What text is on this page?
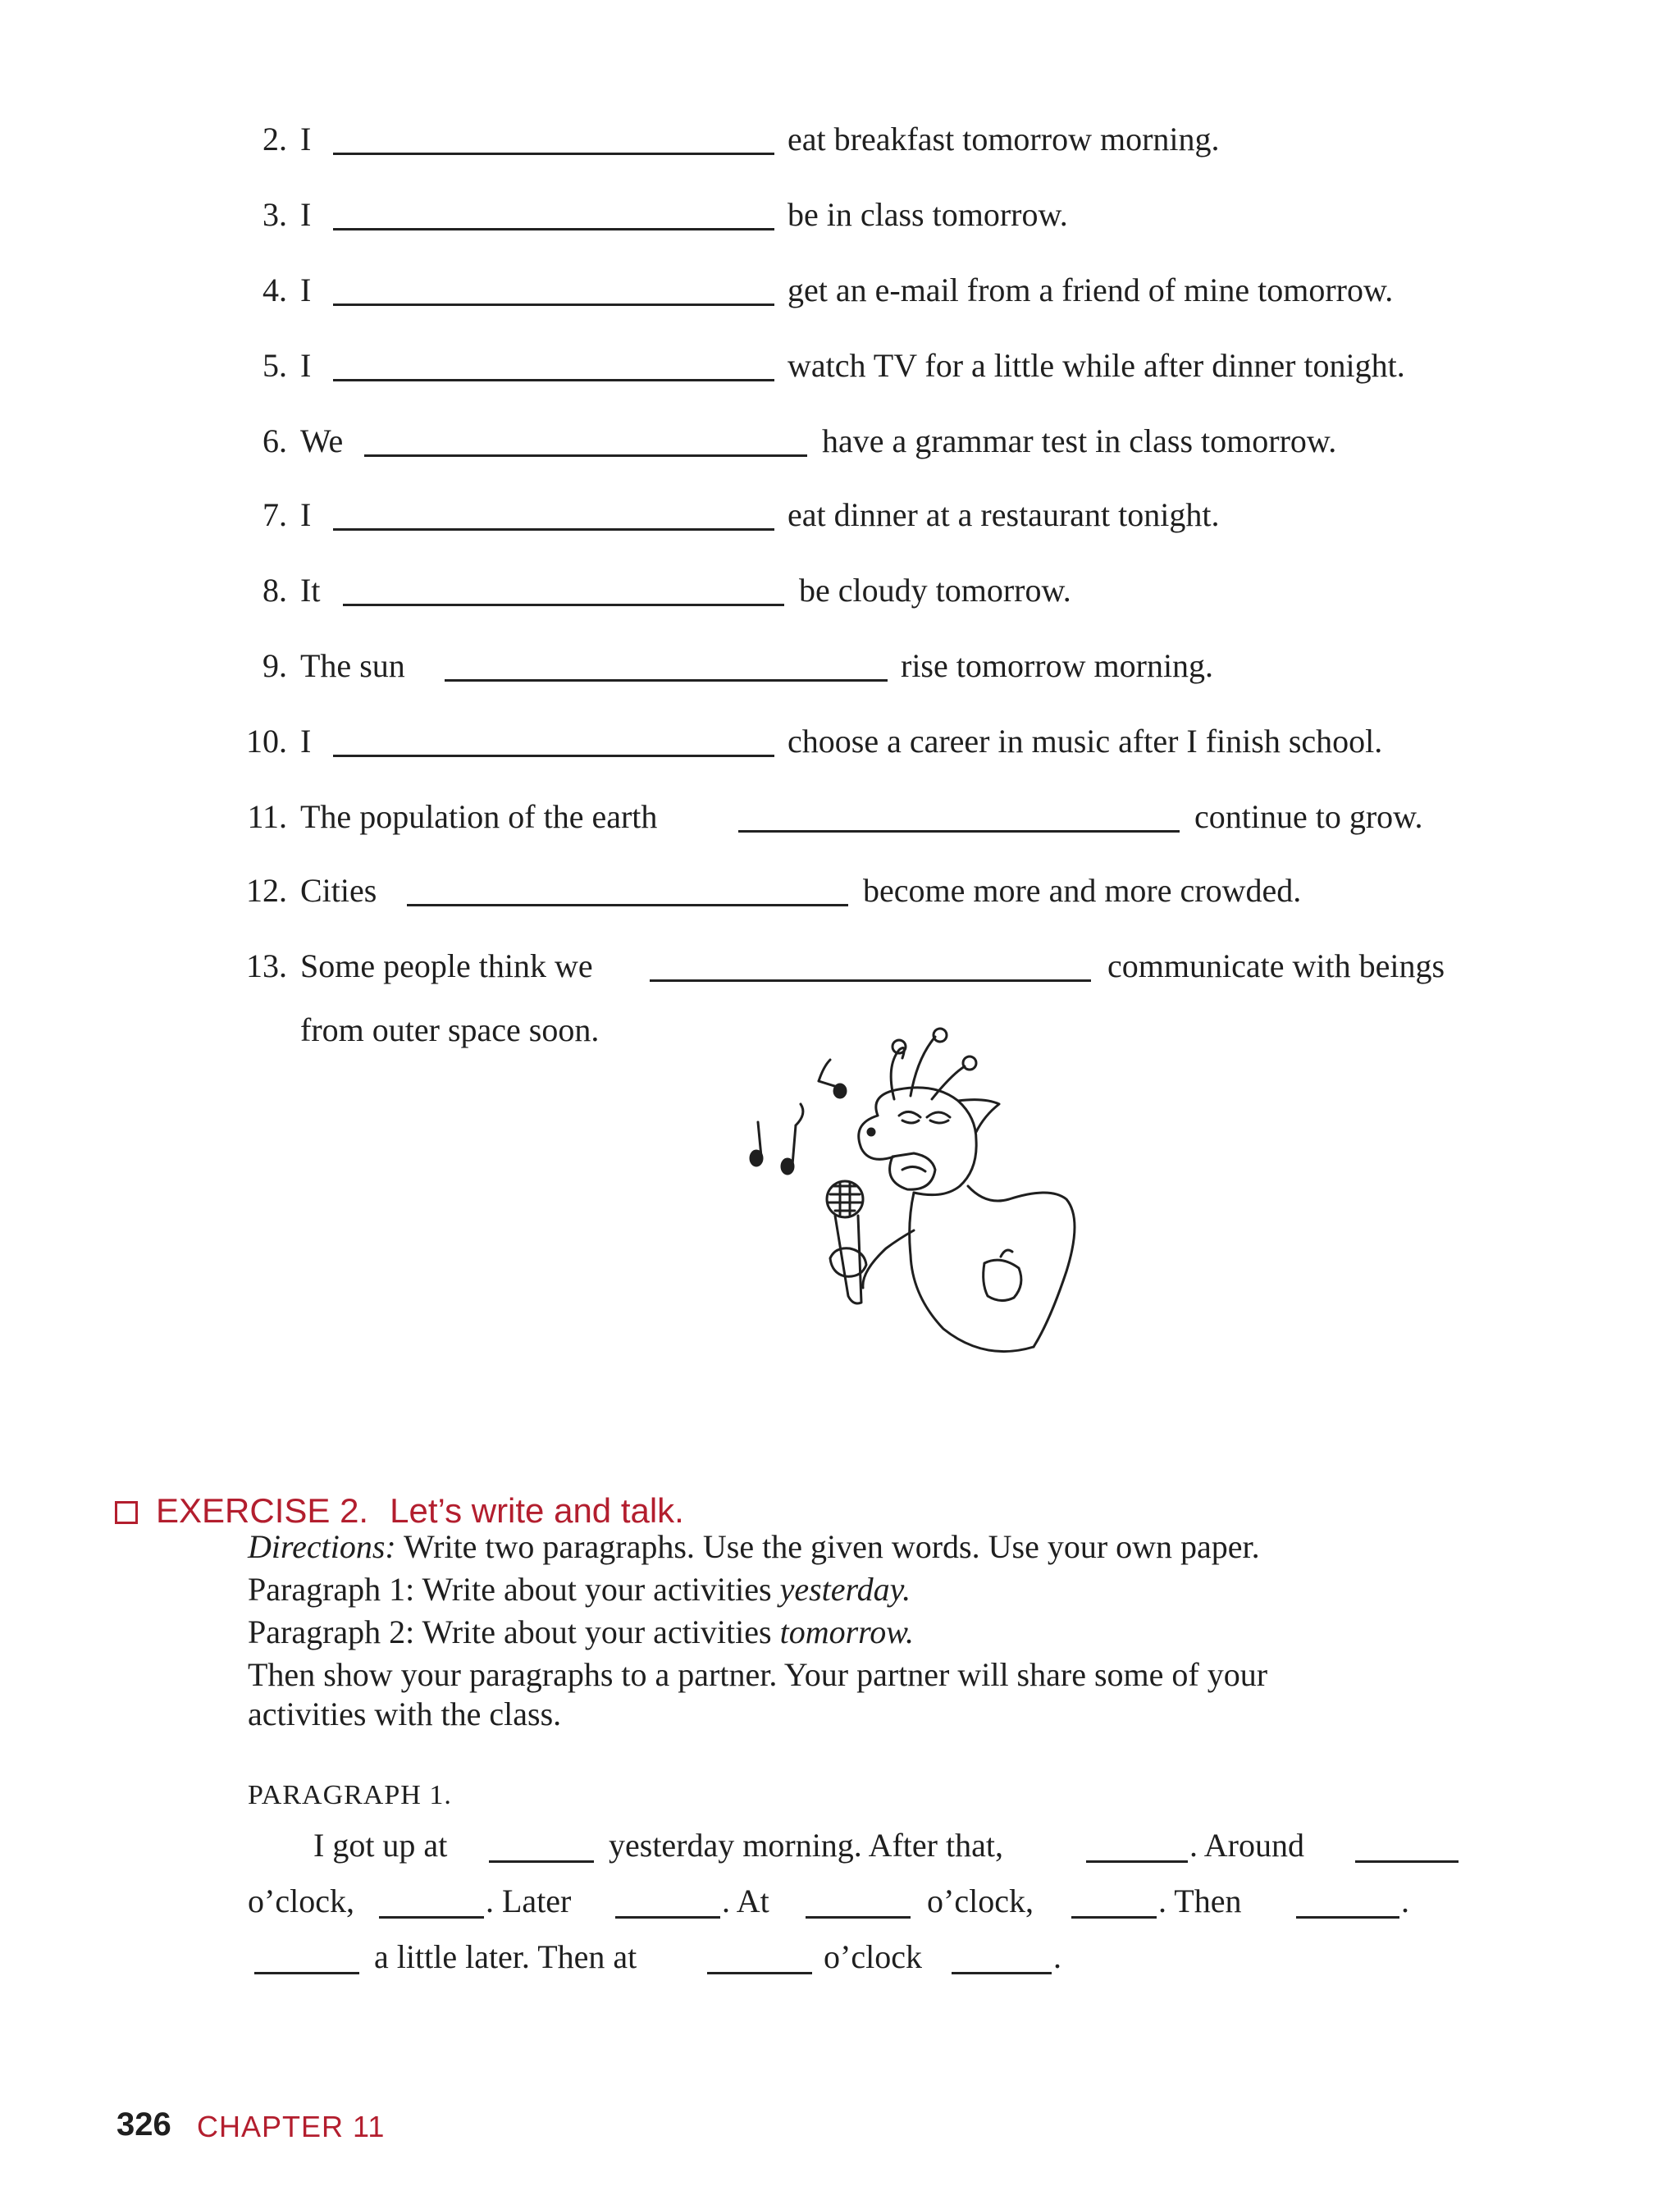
2. I	eat breakfast tomorrow morning.
3. I	be in class tomorrow.
4. I	get an e-mail from a friend of mine tomorrow.
5. I	watch TV for a little while after dinner tonight.
6. We	have a grammar test in class tomorrow.
7. I	eat dinner at a restaurant tonight.
8. It	be cloudy tomorrow.
9. The sun	rise tomorrow morning.
10. I	choose a career in music after I finish school.
11. The population of the earth	continue to grow.
12. Cities	become more and more crowded.
13. Some people think we	communicate with beings
from outer space soon.
EXERCISE 2. Let’s write and talk.
Directions: Write two paragraphs. Use the given words. Use your own paper.
Paragraph 1: Write about your activities yesterday.
Paragraph 2: Write about your activities tomorrow.
Then show your paragraphs to a partner. Your partner will share some of your
activities with the class.
PARAGRAPH 1.
I got up at	yesterday morning. After that,	. Around
o’clock,	. Later	. At	o’clock,	. Then	.
a little later. Then at	o’clock	.
326 CHAPTER 11
